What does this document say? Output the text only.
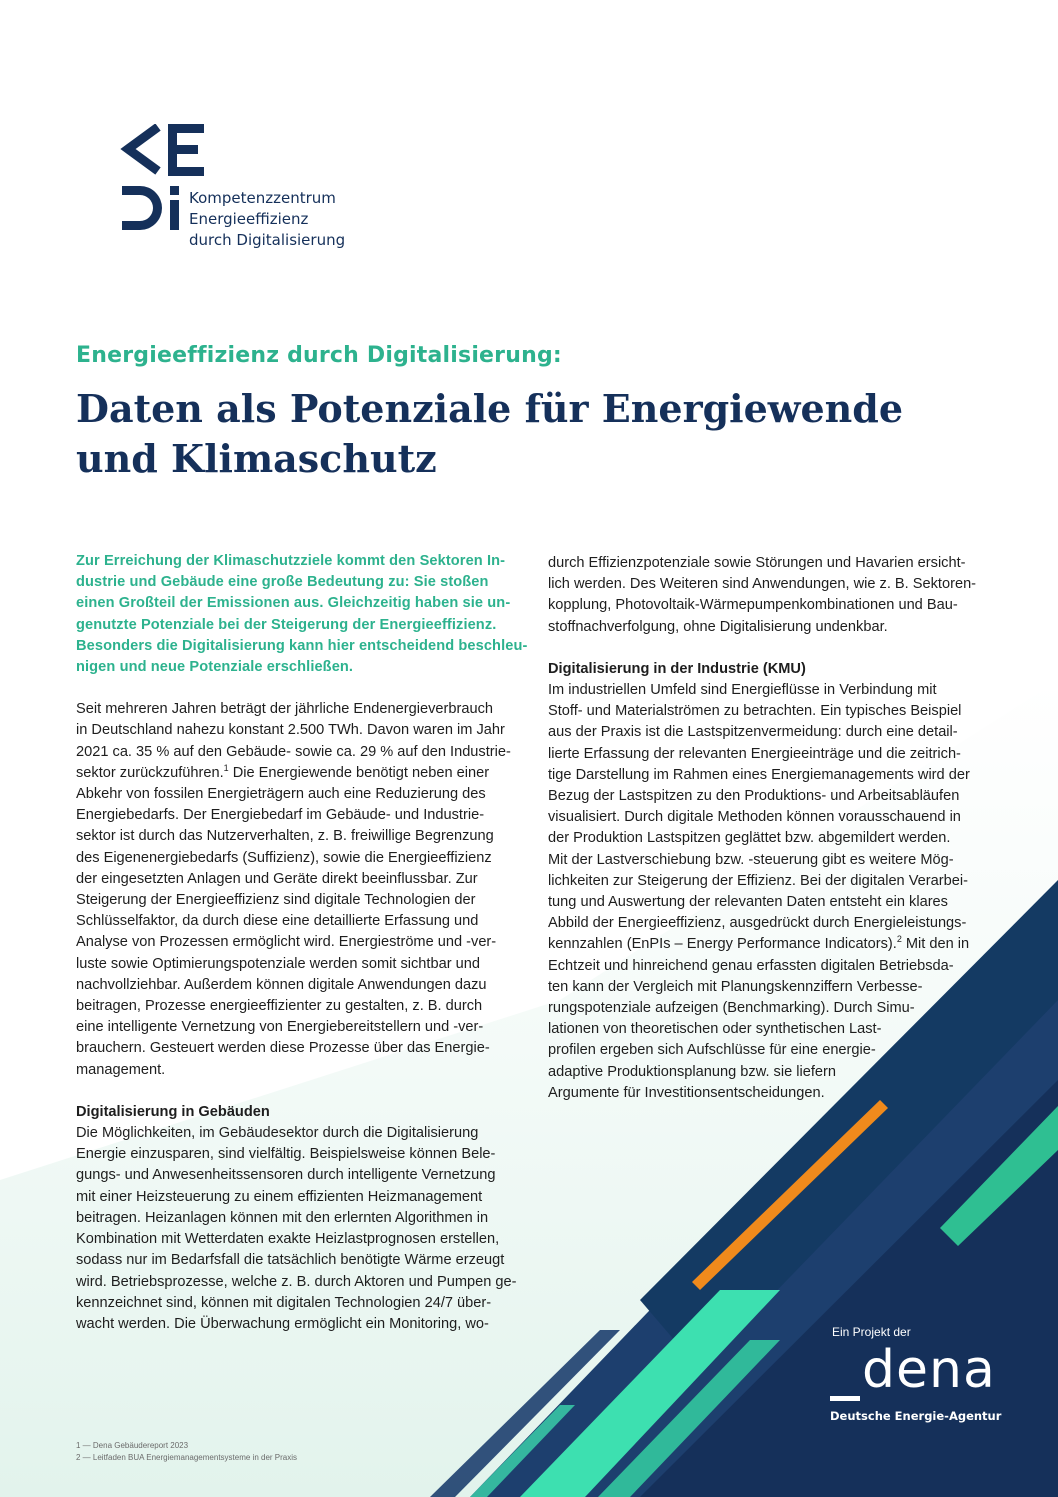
Kompetenzzentrum
Energieeffizienz
durch Digitalisierung
Energieeffizienz durch Digitalisierung:
Daten als Potenziale für Energiewende
und Klimaschutz
Zur Erreichung der Klimaschutzziele kommt den Sektoren In-
dustrie und Gebäude eine große Bedeutung zu: Sie stoßen
einen Großteil der Emissionen aus. Gleichzeitig haben sie un-
genutzte Potenziale bei der Steigerung der Energieeffizienz.
Besonders die Digitalisierung kann hier entscheidend beschleu-
nigen und neue Potenziale erschließen.
Seit mehreren Jahren beträgt der jährliche Endenergieverbrauch
in Deutschland nahezu konstant 2.500 TWh. Davon waren im Jahr
2021 ca. 35 % auf den Gebäude- sowie ca. 29 % auf den Industrie-
sektor zurückzuführen.$^1$ Die Energiewende benötigt neben einer
Abkehr von fossilen Energieträgern auch eine Reduzierung des
Energiebedarfs. Der Energiebedarf im Gebäude- und Industrie-
sektor ist durch das Nutzerverhalten, z. B. freiwillige Begrenzung
des Eigenenergiebedarfs (Suffizienz), sowie die Energieeffizienz
der eingesetzten Anlagen und Geräte direkt beeinflussbar. Zur
Steigerung der Energieeffizienz sind digitale Technologien der
Schlüsselfaktor, da durch diese eine detaillierte Erfassung und
Analyse von Prozessen ermöglicht wird. Energieströme und -ver-
luste sowie Optimierungspotenziale werden somit sichtbar und
nachvollziehbar. Außerdem können digitale Anwendungen dazu
beitragen, Prozesse energieeffizienter zu gestalten, z. B. durch
eine intelligente Vernetzung von Energiebereitstellern und -ver-
brauchern. Gesteuert werden diese Prozesse über das Energie-
management.
Digitalisierung in Gebäuden
Die Möglichkeiten, im Gebäudesektor durch die Digitalisierung
Energie einzusparen, sind vielfältig. Beispielsweise können Bele-
gungs- und Anwesenheitssensoren durch intelligente Vernetzung
mit einer Heizsteuerung zu einem effizienten Heizmanagement
beitragen. Heizanlagen können mit den erlernten Algorithmen in
Kombination mit Wetterdaten exakte Heizlastprognosen erstellen,
sodass nur im Bedarfsfall die tatsächlich benötigte Wärme erzeugt
wird. Betriebsprozesse, welche z. B. durch Aktoren und Pumpen ge-
kennzeichnet sind, können mit digitalen Technologien 24/7 über-
wacht werden. Die Überwachung ermöglicht ein Monitoring, wo-
durch Effizienzpotenziale sowie Störungen und Havarien ersicht-
lich werden. Des Weiteren sind Anwendungen, wie z. B. Sektoren-
kopplung, Photovoltaik-Wärmepumpenkombinationen und Bau-
stoffnachverfolgung, ohne Digitalisierung undenkbar.
Digitalisierung in der Industrie (KMU)
Im industriellen Umfeld sind Energieflüsse in Verbindung mit
Stoff- und Materialströmen zu betrachten. Ein typisches Beispiel
aus der Praxis ist die Lastspitzenvermeidung: durch eine detail-
lierte Erfassung der relevanten Energieeinträge und die zeitrich-
tige Darstellung im Rahmen eines Energiemanagements wird der
Bezug der Lastspitzen zu den Produktions- und Arbeitsabläufen
visualisiert. Durch digitale Methoden können vorausschauend in
der Produktion Lastspitzen geglättet bzw. abgemildert werden.
Mit der Lastverschiebung bzw. -steuerung gibt es weitere Mög-
lichkeiten zur Steigerung der Effizienz. Bei der digitalen Verarbei-
tung und Auswertung der relevanten Daten entsteht ein klares
Abbild der Energieeffizienz, ausgedrückt durch Energieleistungs-
kennzahlen (EnPIs – Energy Performance Indicators).$^2$ Mit den in
Echtzeit und hinreichend genau erfassten digitalen Betriebsda-
ten kann der Vergleich mit Planungskennziffern Verbesse-
rungspotenziale aufzeigen (Benchmarking). Durch Simu-
lationen von theoretischen oder synthetischen Last-
profilen ergeben sich Aufschlüsse für eine energie-
adaptive Produktionsplanung bzw. sie liefern
Argumente für Investitionsentscheidungen.
1 — Dena Gebäudereport 2023
2 — Leitfaden BUA Energiemanagementsysteme in der Praxis
Ein Projekt der
dena
Deutsche Energie-Agentur
